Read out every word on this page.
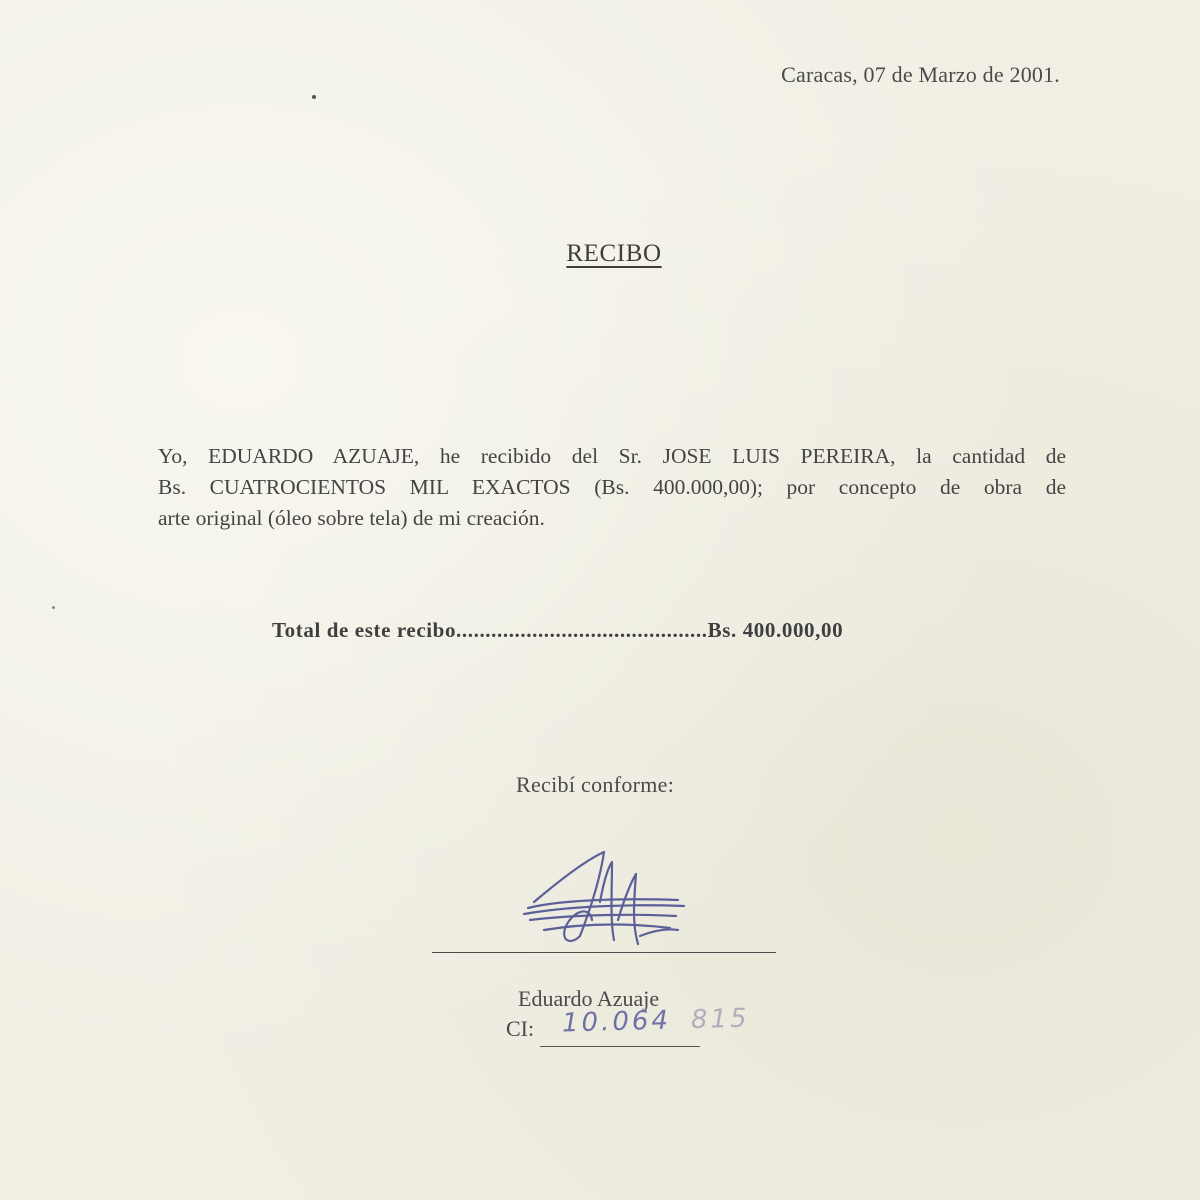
Caracas, 07 de Marzo de 2001.
RECIBO
Yo, EDUARDO AZUAJE, he recibido del Sr. JOSE LUIS PEREIRA, la cantidad de
Bs. CUATROCIENTOS MIL EXACTOS (Bs. 400.000,00); por concepto de obra de
arte original (óleo sobre tela) de mi creación.
Total de este recibo...........................................Bs. 400.000,00
Recibí conforme:
Eduardo Azuaje
CI: 10.064 815
